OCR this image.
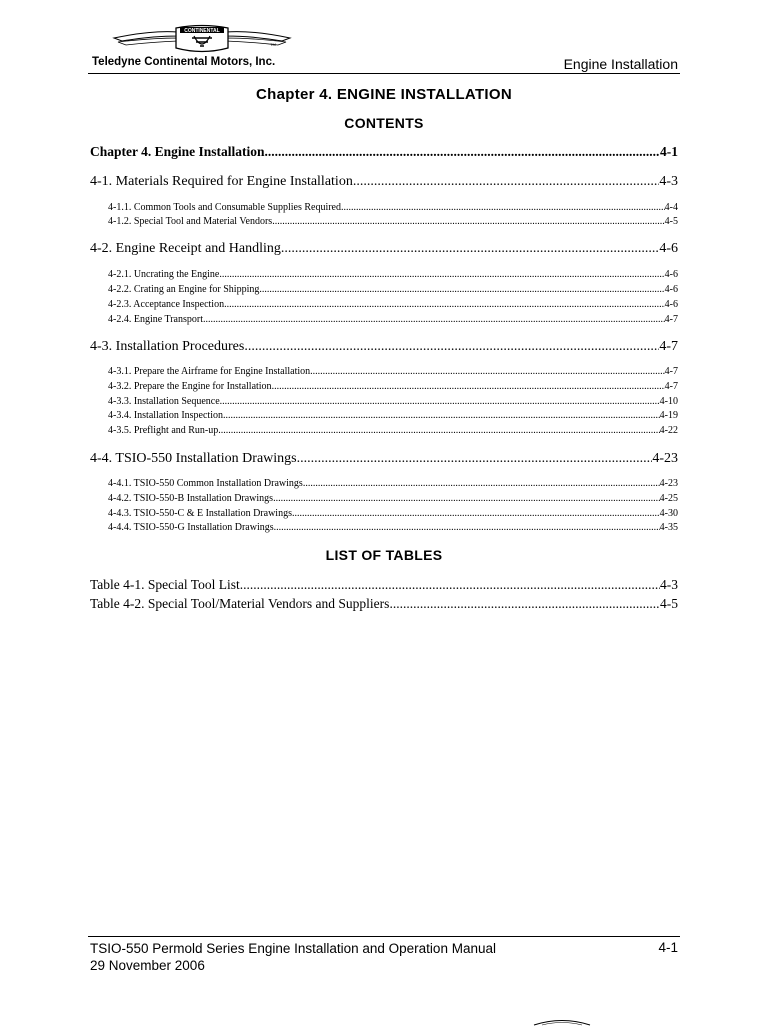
CONTINENTAL
TM
Teledyne Continental Motors, Inc.	Engine Installation
Chapter 4. ENGINE INSTALLATION
CONTENTS
Chapter 4. Engine Installation .....	4-1
4-1. Materials Required for Engine Installation .....	4-3
4-1.1. Common Tools and Consumable Supplies Required .....	4-4
4-1.2. Special Tool and Material Vendors .....	4-5
4-2. Engine Receipt and Handling .....	4-6
4-2.1. Uncrating the Engine .....	4-6
4-2.2. Crating an Engine for Shipping .....	4-6
4-2.3. Acceptance Inspection .....	4-6
4-2.4. Engine Transport .....	4-7
4-3. Installation Procedures .....	4-7
4-3.1. Prepare the Airframe for Engine Installation .....	4-7
4-3.2. Prepare the Engine for Installation .....	4-7
4-3.3. Installation Sequence .....	4-10
4-3.4. Installation Inspection .....	4-19
4-3.5. Preflight and Run-up .....	4-22
4-4. TSIO-550 Installation Drawings .....	4-23
4-4.1. TSIO-550 Common Installation Drawings .....	4-23
4-4.2. TSIO-550-B Installation Drawings .....	4-25
4-4.3. TSIO-550-C & E Installation Drawings .....	4-30
4-4.4. TSIO-550-G Installation Drawings .....	4-35
LIST OF TABLES
Table 4-1. Special Tool List .....	4-3
Table 4-2. Special Tool/Material Vendors and Suppliers .....	4-5
TSIO-550 Permold Series Engine Installation and Operation Manual
29 November 2006
4-1
